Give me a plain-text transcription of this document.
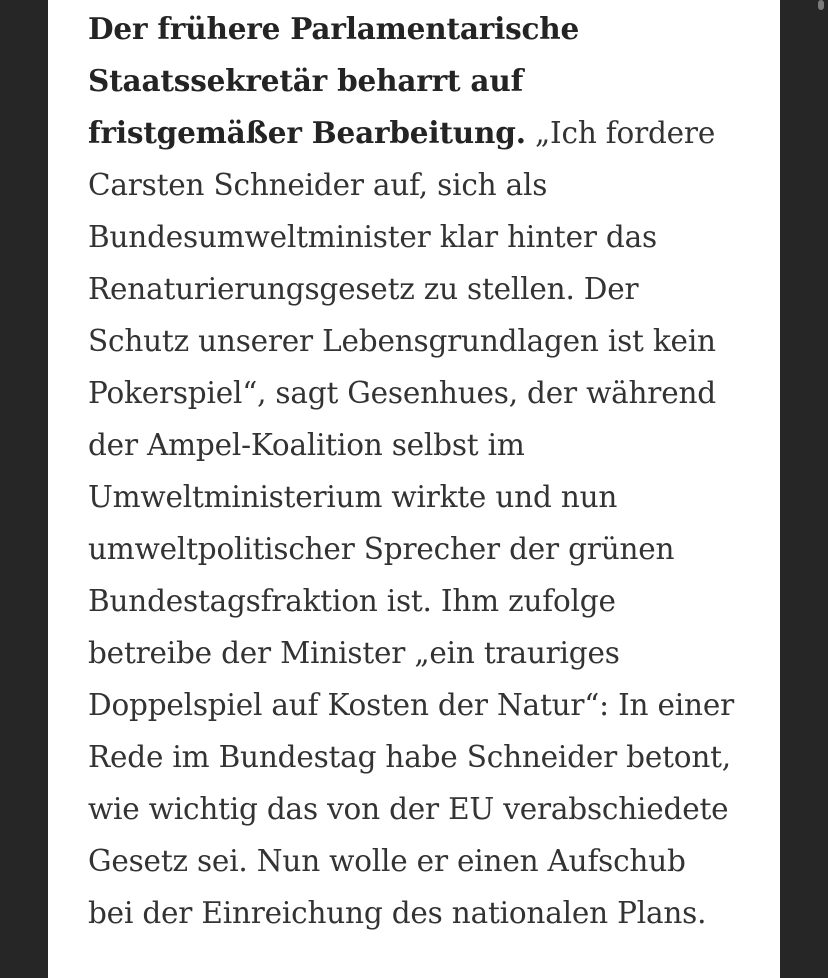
Der frühere Parlamentarische Staatssekretär beharrt auf fristgemäßer Bearbeitung. „Ich fordere Carsten Schneider auf, sich als Bundesumweltminister klar hinter das Renaturierungsgesetz zu stellen. Der Schutz unserer Lebensgrundlagen ist kein Pokerspiel“, sagt Gesenhues, der während der Ampel-Koalition selbst im Umweltministerium wirkte und nun umweltpolitischer Sprecher der grünen Bundestagsfraktion ist. Ihm zufolge betreibe der Minister „ein trauriges Doppelspiel auf Kosten der Natur“: In einer Rede im Bundestag habe Schneider betont, wie wichtig das von der EU verabschiedete Gesetz sei. Nun wolle er einen Aufschub bei der Einreichung des nationalen Plans.
